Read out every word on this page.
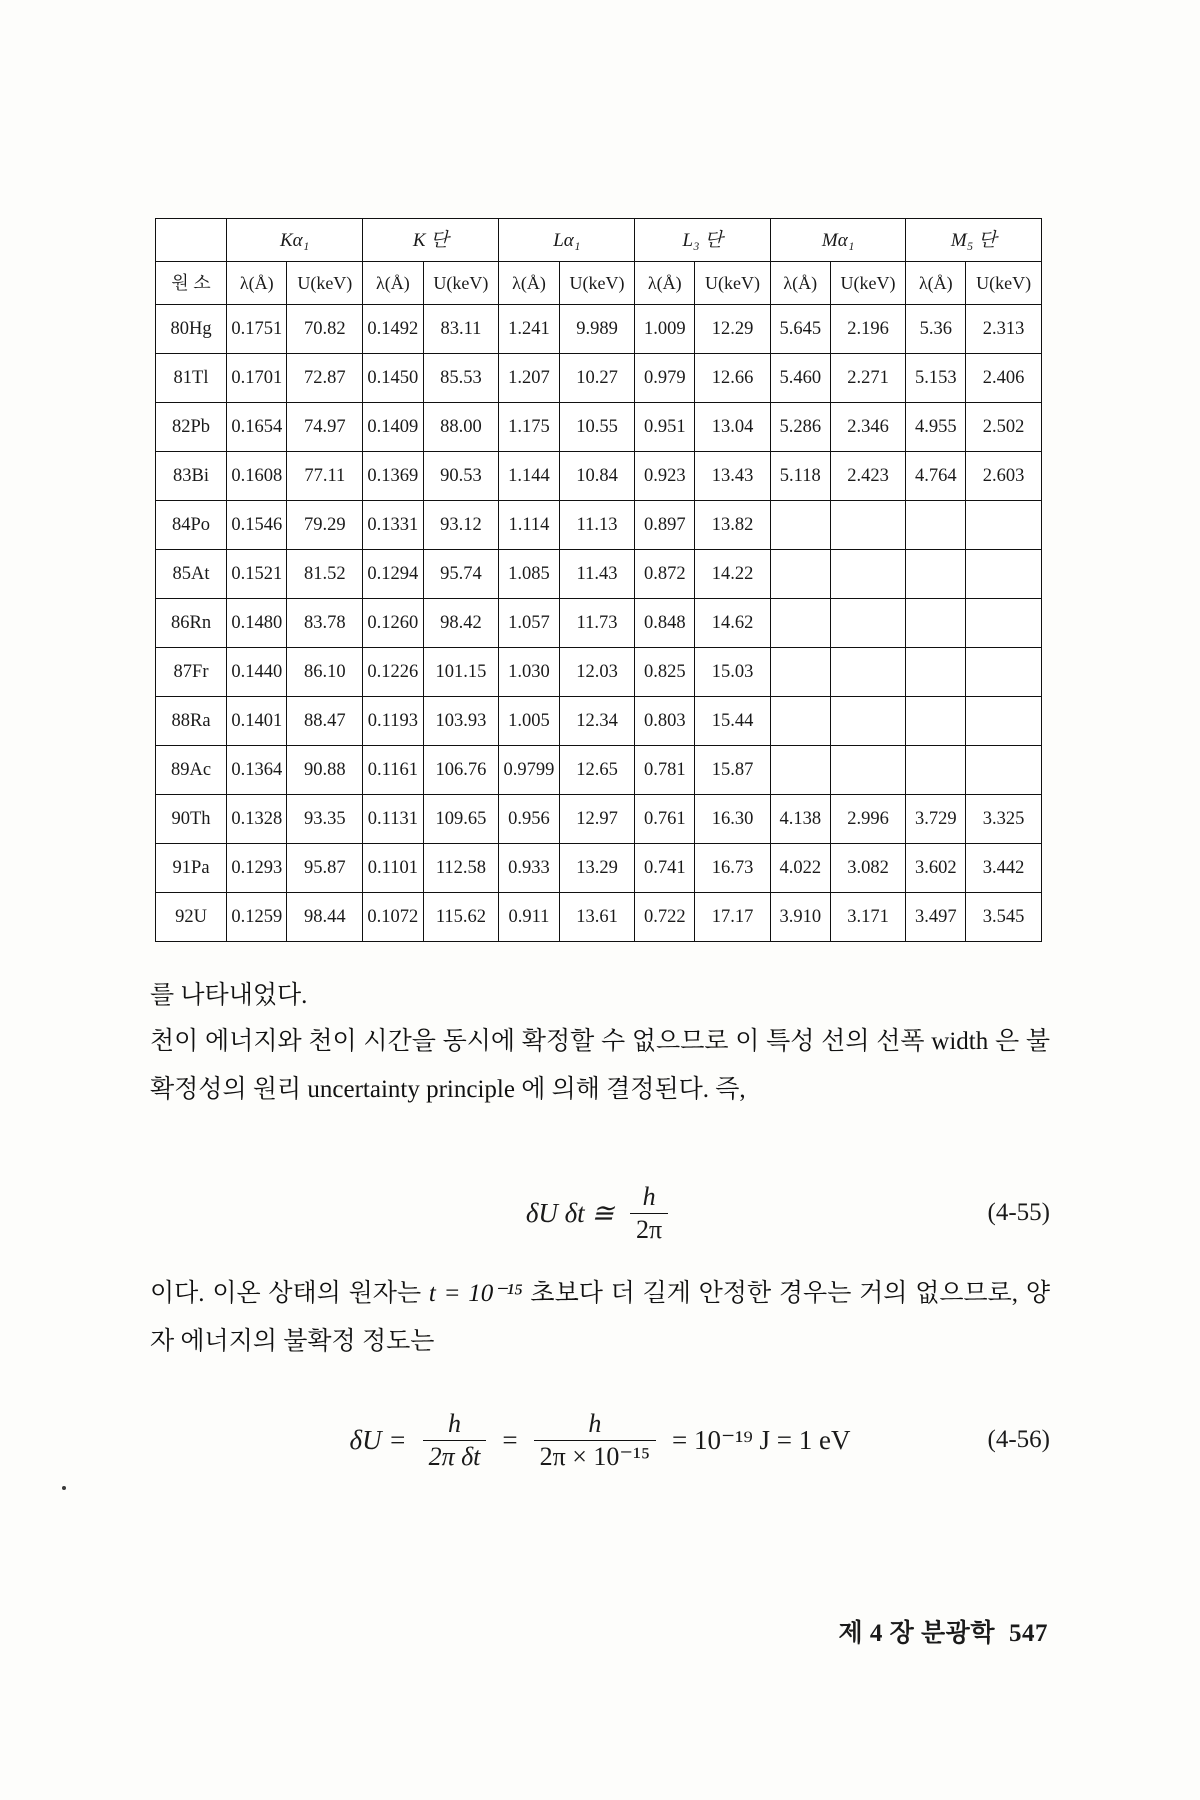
	Kα₁		K 단		Lα₁		L₃ 단		Mα₁		M₅ 단	
원 소	λ(Å)	U(keV)	λ(Å)	U(keV)	λ(Å)	U(keV)	λ(Å)	U(keV)	λ(Å)	U(keV)	λ(Å)	U(keV)
80Hg	0.1751	70.82	0.1492	83.11	1.241	9.989	1.009	12.29	5.645	2.196	5.36	2.313
81Tl	0.1701	72.87	0.1450	85.53	1.207	10.27	0.979	12.66	5.460	2.271	5.153	2.406
82Pb	0.1654	74.97	0.1409	88.00	1.175	10.55	0.951	13.04	5.286	2.346	4.955	2.502
83Bi	0.1608	77.11	0.1369	90.53	1.144	10.84	0.923	13.43	5.118	2.423	4.764	2.603
84Po	0.1546	79.29	0.1331	93.12	1.114	11.13	0.897	13.82				
85At	0.1521	81.52	0.1294	95.74	1.085	11.43	0.872	14.22				
86Rn	0.1480	83.78	0.1260	98.42	1.057	11.73	0.848	14.62				
87Fr	0.1440	86.10	0.1226	101.15	1.030	12.03	0.825	15.03				
88Ra	0.1401	88.47	0.1193	103.93	1.005	12.34	0.803	15.44				
89Ac	0.1364	90.88	0.1161	106.76	0.9799	12.65	0.781	15.87				
90Th	0.1328	93.35	0.1131	109.65	0.956	12.97	0.761	16.30	4.138	2.996	3.729	3.325
91Pa	0.1293	95.87	0.1101	112.58	0.933	13.29	0.741	16.73	4.022	3.082	3.602	3.442
92U	0.1259	98.44	0.1072	115.62	0.911	13.61	0.722	17.17	3.910	3.171	3.497	3.545
를 나타내었다.
천이 에너지와 천이 시간을 동시에 확정할 수 없으므로 이 특성 선의 선폭 width 은 불확정성의 원리 uncertainty principle 에 의해 결정된다. 즉,
δU δt ≅ $\frac{h}{2\pi}$	(4-55)
이다. 이온 상태의 원자는 t = 10⁻¹⁵ 초보다 더 길게 안정한 경우는 거의 없으므로, 양자 에너지의 불확정 정도는
$\delta U = \frac{h}{\text{2π δt}} = \frac{h}{\text{2π × 10⁻¹⁵}} = 10^{-19}$ J = 1 eV	(4-56)
제 4 장 분광학 547
